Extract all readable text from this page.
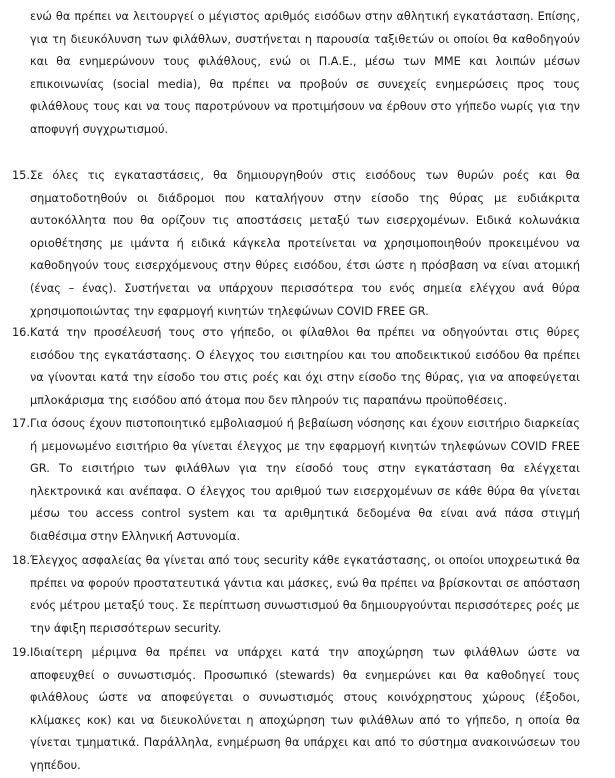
ενώ θα πρέπει να λειτουργεί ο μέγιστος αριθμός εισόδων στην αθλητική εγκατάσταση. Επίσης, για τη διευκόλυνση των φιλάθλων, συστήνεται η παρουσία ταξιθετών οι οποίοι θα καθοδηγούν και θα ενημερώνουν τους φιλάθλους, ενώ οι Π.Α.Ε., μέσω των ΜΜΕ και λοιπών μέσων επικοινωνίας (social media), θα πρέπει να προβούν σε συνεχείς ενημερώσεις προς τους φιλάθλους τους και να τους παροτρύνουν να προτιμήσουν να έρθουν στο γήπεδο νωρίς για την αποφυγή συγχρωτισμού.

15. Σε όλες τις εγκαταστάσεις, θα δημιουργηθούν στις εισόδους των θυρών ροές και θα σηματοδοτηθούν οι διάδρομοι που καταλήγουν στην είσοδο της θύρας με ευδιάκριτα αυτοκόλλητα που θα ορίζουν τις αποστάσεις μεταξύ των εισερχομένων. Ειδικά κολωνάκια οριοθέτησης με ιμάντα ή ειδικά κάγκελα προτείνεται να χρησιμοποιηθούν προκειμένου να καθοδηγούν τους εισερχόμενους στην θύρες εισόδου, έτσι ώστε η πρόσβαση να είναι ατομική (ένας – ένας). Συστήνεται να υπάρχουν περισσότερα του ενός σημεία ελέγχου ανά θύρα χρησιμοποιώντας την εφαρμογή κινητών τηλεφώνων COVID FREE GR.
16. Κατά την προσέλευσή τους στο γήπεδο, οι φίλαθλοι θα πρέπει να οδηγούνται στις θύρες εισόδου της εγκατάστασης. Ο έλεγχος του εισιτηρίου και του αποδεικτικού εισόδου θα πρέπει να γίνονται κατά την είσοδο του στις ροές και όχι στην είσοδο της θύρας, για να αποφεύγεται μπλοκάρισμα της εισόδου από άτομα που δεν πληρούν τις παραπάνω προϋποθέσεις.
17. Για όσους έχουν πιστοποιητικό εμβολιασμού ή βεβαίωση νόσησης και έχουν εισιτήριο διαρκείας ή μεμονωμένο εισιτήριο θα γίνεται έλεγχος με την εφαρμογή κινητών τηλεφώνων COVID FREE GR. Το εισιτήριο των φιλάθλων για την είσοδό τους στην εγκατάσταση θα ελέγχεται ηλεκτρονικά και ανέπαφα. Ο έλεγχος του αριθμού των εισερχομένων σε κάθε θύρα θα γίνεται μέσω του access control system και τα αριθμητικά δεδομένα θα είναι ανά πάσα στιγμή διαθέσιμα στην Ελληνική Αστυνομία.
18. Έλεγχος ασφαλείας θα γίνεται από τους security κάθε εγκατάστασης, οι οποίοι υποχρεωτικά θα πρέπει να φορούν προστατευτικά γάντια και μάσκες, ενώ θα πρέπει να βρίσκονται σε απόσταση ενός μέτρου μεταξύ τους. Σε περίπτωση συνωστισμού θα δημιουργούνται περισσότερες ροές με την άφιξη περισσότερων security.
19. Ιδιαίτερη μέριμνα θα πρέπει να υπάρχει κατά την αποχώρηση των φιλάθλων ώστε να αποφευχθεί ο συνωστισμός. Προσωπικό (stewards) θα ενημερώνει και θα καθοδηγεί τους φιλάθλους ώστε να αποφεύγεται ο συνωστισμός στους κοινόχρηστους χώρους (έξοδοι, κλίμακες κοκ) και να διευκολύνεται η αποχώρηση των φιλάθλων από το γήπεδο, η οποία θα γίνεται τμηματικά. Παράλληλα, ενημέρωση θα υπάρχει και από το σύστημα ανακοινώσεων του γηπέδου.
